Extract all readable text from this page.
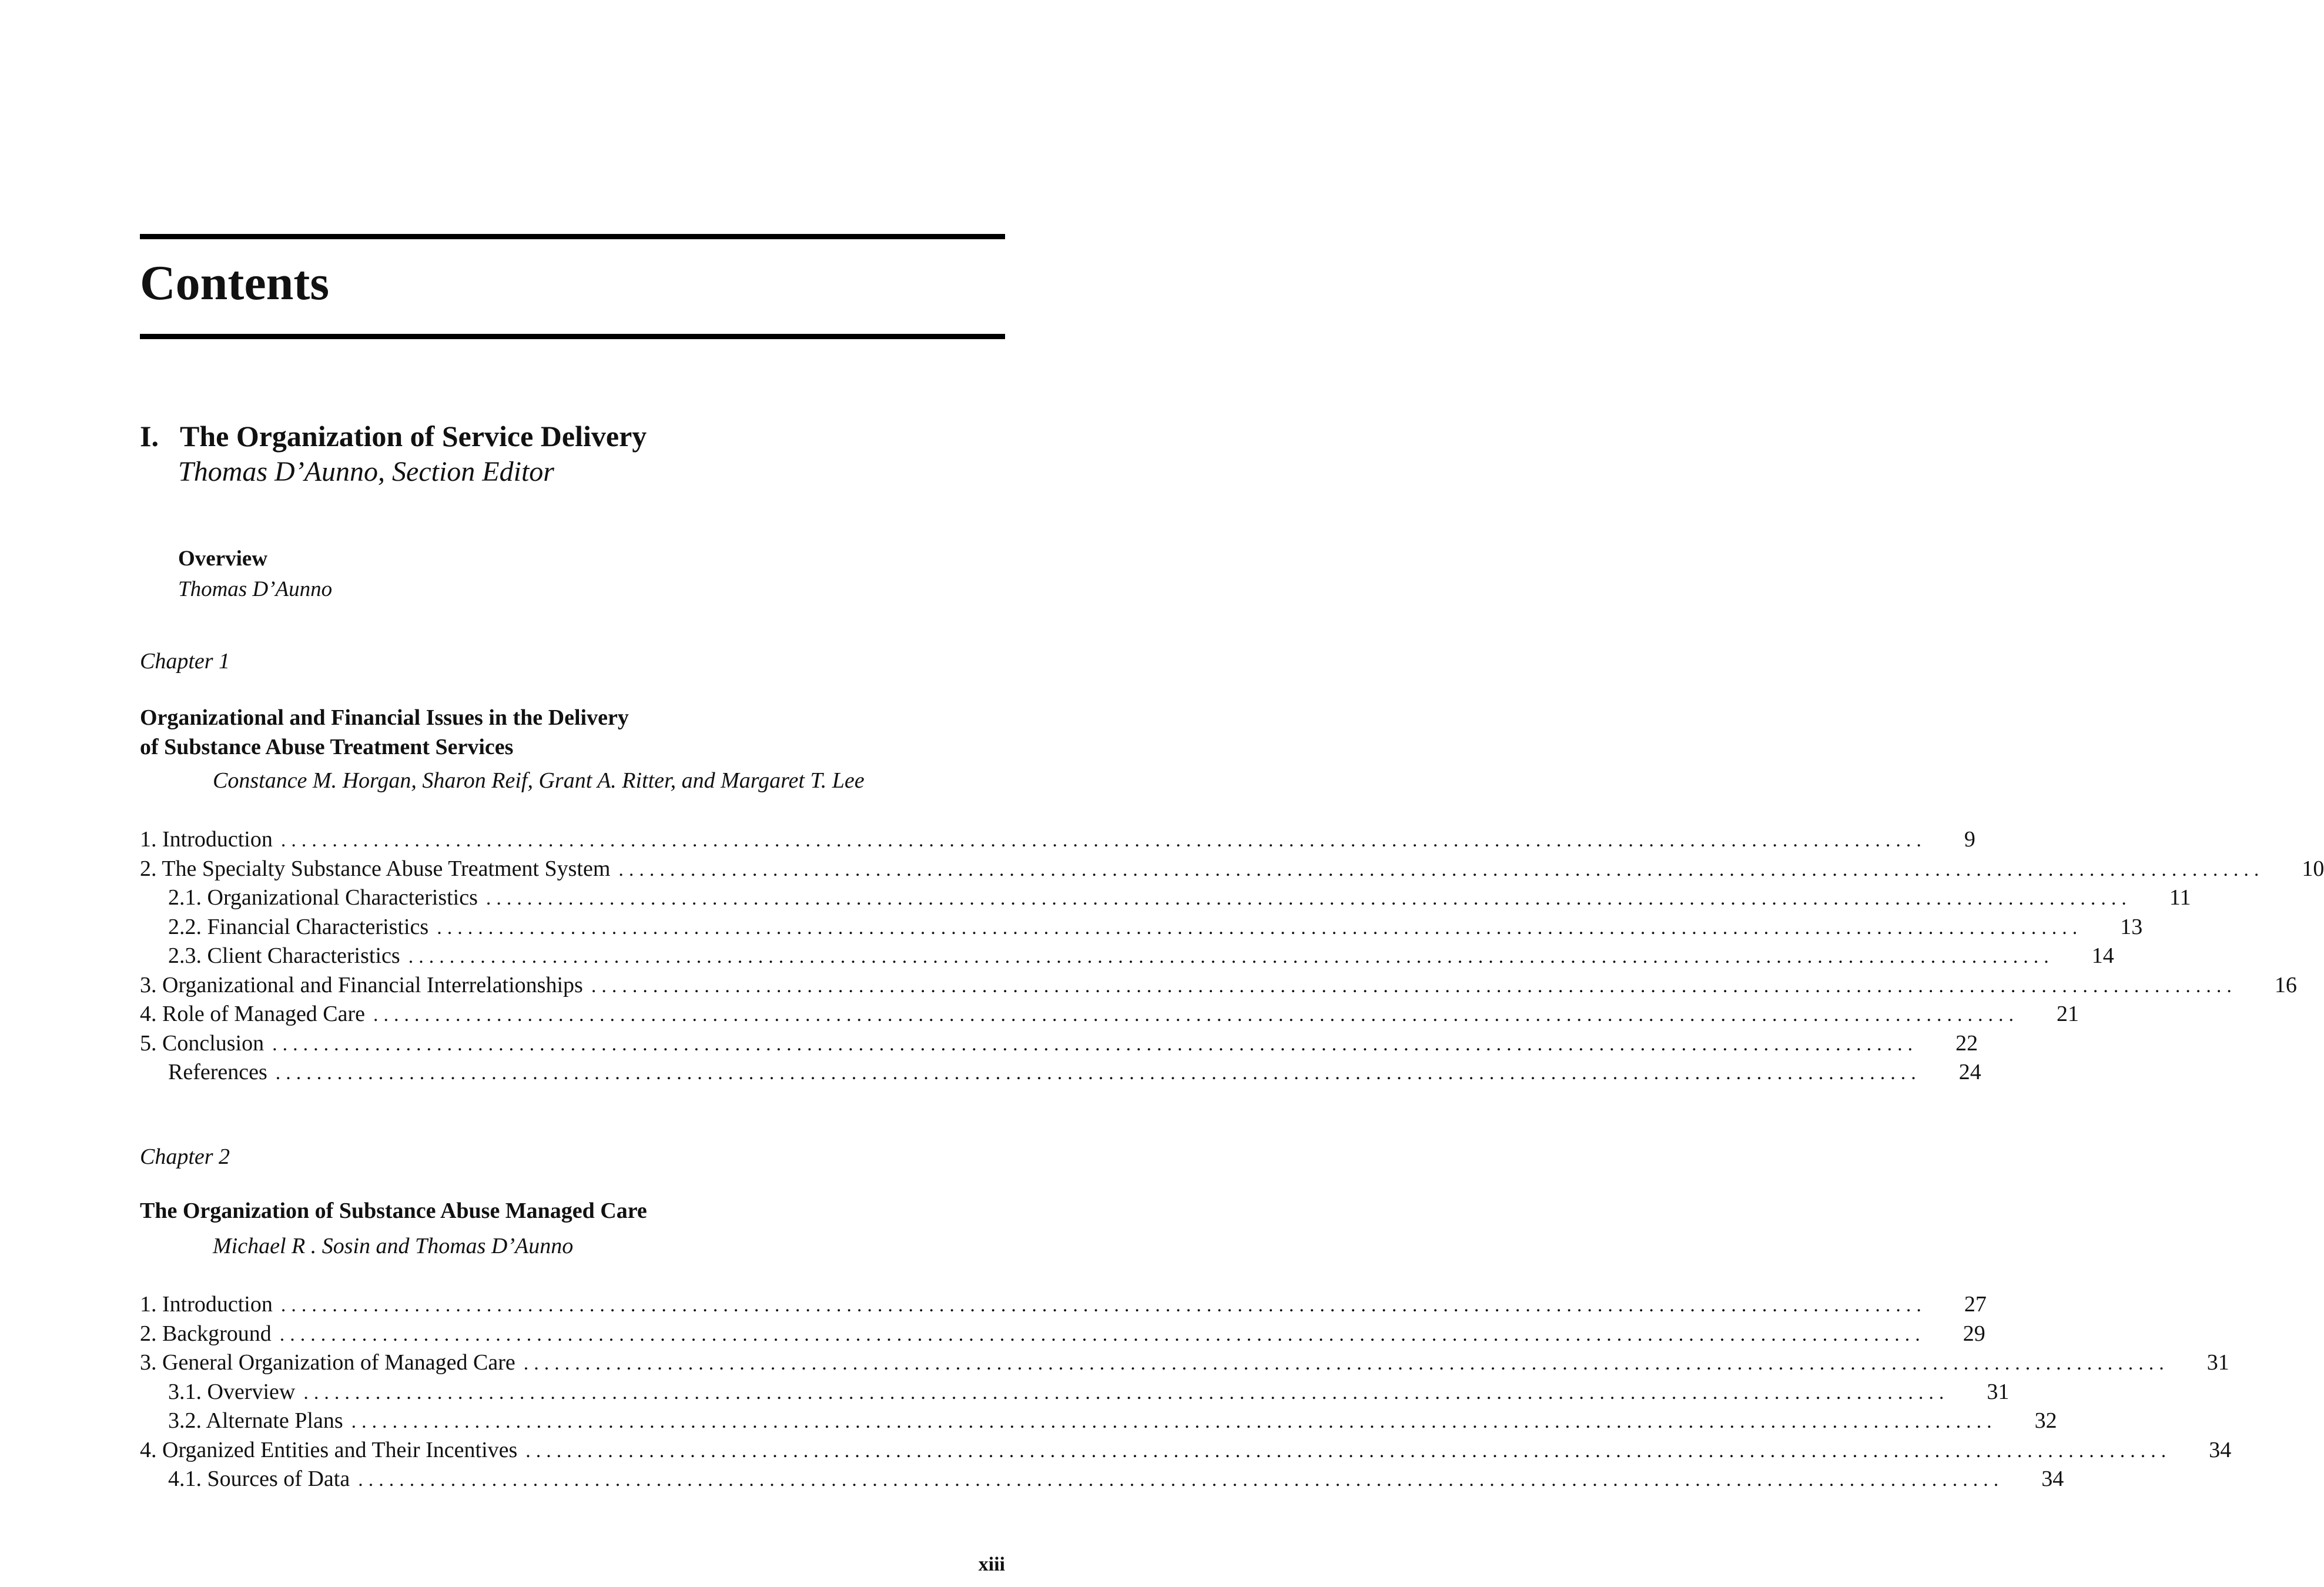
Contents
I. The Organization of Service Delivery
Thomas D’Aunno, Section Editor
Overview
Thomas D’Aunno
Chapter 1
Organizational and Financial Issues in the Delivery
of Substance Abuse Treatment Services
Constance M. Horgan, Sharon Reif, Grant A. Ritter, and Margaret T. Lee
1. Introduction ................................................................................................................................................................ 9
2. The Specialty Substance Abuse Treatment System ................................................................................................................................................................ 10
2.1. Organizational Characteristics ................................................................................................................................................................ 11
2.2. Financial Characteristics ................................................................................................................................................................ 13
2.3. Client Characteristics ................................................................................................................................................................ 14
3. Organizational and Financial Interrelationships ................................................................................................................................................................ 16
4. Role of Managed Care ................................................................................................................................................................ 21
5. Conclusion ................................................................................................................................................................ 22
References ................................................................................................................................................................ 24
Chapter 2
The Organization of Substance Abuse Managed Care
Michael R . Sosin and Thomas D’Aunno
1. Introduction ................................................................................................................................................................ 27
2. Background ................................................................................................................................................................ 29
3. General Organization of Managed Care ................................................................................................................................................................ 31
3.1. Overview ................................................................................................................................................................ 31
3.2. Alternate Plans ................................................................................................................................................................ 32
4. Organized Entities and Their Incentives ................................................................................................................................................................ 34
4.1. Sources of Data ................................................................................................................................................................ 34
xiii
